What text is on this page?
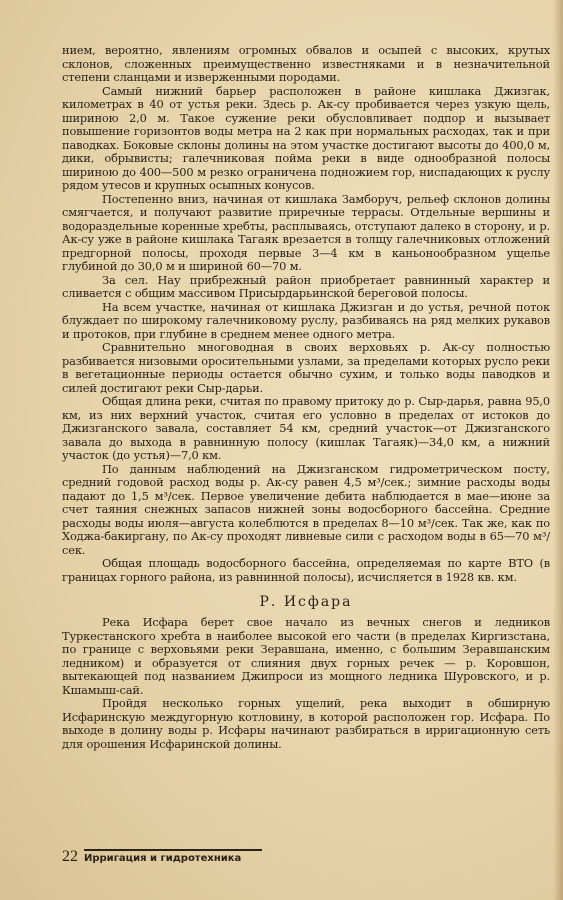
нием, вероятно, явлениям огромных обвалов и осыпей с высоких, крутых склонов, сложенных преимущественно известняками и в незначительной степени сланцами и изверженными породами.

Самый нижний барьер расположен в районе кишлака Джизгак, километрах в 40 от устья реки. Здесь р. Ак-су пробивается через узкую щель, шириною 2,0 м. Такое сужение реки обусловливает подпор и вызывает повышение горизонтов воды метра на 2 как при нормальных расходах, так и при паводках. Боковые склоны долины на этом участке достигают высоты до 400,0 м, дики, обрывисты; галечниковая пойма реки в виде однообразной полосы шириною до 400—500 м резко ограничена подножием гор, ниспадающих к руслу рядом утесов и крупных осыпных конусов.

Постепенно вниз, начиная от кишлака Замборуч, рельеф склонов долины смягчается, и получают развитие приречные террасы. Отдельные вершины и водораздельные коренные хребты, расплываясь, отступают далеко в сторону, и р. Ак-су уже в районе кишлака Тагаяк врезается в толщу галечниковых отложений предгорной полосы, проходя первые 3—4 км в каньонообразном ущелье глубиной до 30,0 м и шириной 60—70 м.

За сел. Нау прибрежный район приобретает равнинный характер и сливается с общим массивом Присырдарьинской береговой полосы.

На всем участке, начиная от кишлака Джизган и до устья, речной поток блуждает по широкому галечниковому руслу, разбиваясь на ряд мелких рукавов и протоков, при глубине в среднем менее одного метра.

Сравнительно многоводная в своих верховьях р. Ак-су полностью разбивается низовыми оросительными узлами, за пределами которых русло реки в вегетационные периоды остается обычно сухим, и только воды паводков и силей достигают реки Сыр-дарьи.

Общая длина реки, считая по правому притоку до р. Сыр-дарья, равна 95,0 км, из них верхний участок, считая его условно в пределах от истоков до Джизганского завала, составляет 54 км, средний участок—от Джизганского завала до выхода в равнинную полосу (кишлак Тагаяк)—34,0 км, а нижний участок (до устья)—7,0 км.

По данным наблюдений на Джизганском гидрометрическом посту, средний годовой расход воды р. Ак-су равен 4,5 м³/сек.; зимние расходы воды падают до 1,5 м³/сек. Первое увеличение дебита наблюдается в мае—июне за счет таяния снежных запасов нижней зоны водосборного бассейна. Средние расходы воды июля—августа колеблются в пределах 8—10 м³/сек. Так же, как по Ходжа-бакиргану, по Ак-су проходят ливневые сили с расходом воды в 65—70 м³/сек.

Общая площадь водосборного бассейна, определяемая по карте ВТО (в границах горного района, из равнинной полосы), исчисляется в 1928 кв. км.

Р. Исфара

Река Исфара берет свое начало из вечных снегов и ледников Туркестанского хребта в наиболее высокой его части (в пределах Киргизстана, по границе с верховьями реки Зеравшана, именно, с большим Зеравшанским ледником) и образуется от слияния двух горных речек — р. Коровшон, вытекающей под названием Джипроси из мощного ледника Шуровского, и р. Кшамыш-сай.

Пройдя несколько горных ущелий, река выходит в обширную Исфаринскую междугорную котловину, в которой расположен гор. Исфара. По выходе в долину воды р. Исфары начинают разбираться в ирригационную сеть для орошения Исфаринской долины.

22 Ирригация и гидротехника
